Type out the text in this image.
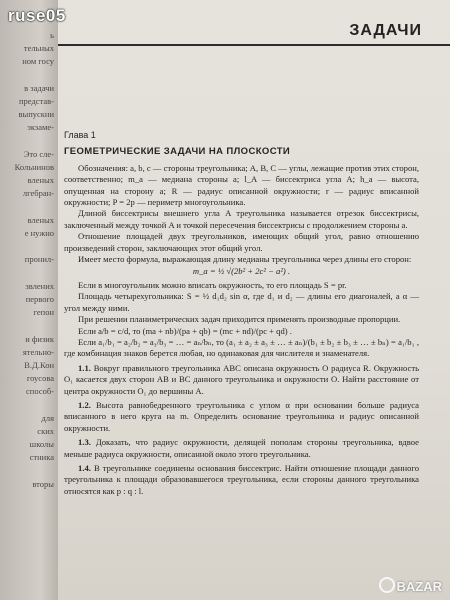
ь
тельных
ном госу
в задачи
представ-
выпускни
экзаме-
Это сле-
Кольнинов
вленых
лгебран-
вленых
е нужно
пронил-
звлених
первого
гепон
и физик
ятельно-
В.Д.Кон
гоусова
способ-
для
ских
школы
стника
вторы
ЗАДАЧИ
Глава 1
ГЕОМЕТРИЧЕСКИЕ ЗАДАЧИ НА ПЛОСКОСТИ

Обозначения: a, b, c — стороны треугольника; A, B, C — углы, лежащие против этих сторон, соответственно; m_a — медиана стороны a; l_A — биссектриса угла A; h_a — высота, опущенная на сторону a; R — радиус описанной окружности; r — радиус вписанной окружности; P = 2p — периметр многоугольника.

Длиной биссектрисы внешнего угла A треугольника называется отрезок биссектрисы, заключенный между точкой A и точкой пересечения биссектрисы с продолжением стороны a.

Отношение площадей двух треугольников, имеющих общий угол, равно отношению произведений сторон, заключающих этот общий угол.

Имеет место формула, выражающая длину медианы треугольника через длины его сторон:

m_a = ½ √(2b² + 2c² − a²) .

Если в многоугольник можно вписать окружность, то его площадь S = pr.

Площадь четырехугольника: S = ½ d₁d₂ sin α, где d₁ и d₂ — длины его диагоналей, а α — угол между ними.

При решении планиметрических задач приходится применять производные пропорции.

Если a/b = c/d, то (ma + nb)/(pa + qb) = (mc + nd)/(pc + qd) .

Если a₁/b₁ = a₂/b₂ = a₃/b₃ = … = aₙ/bₙ, то (a₁ ± a₂ ± a₃ ± … ± aₙ)/(b₁ ± b₂ ± b₃ ± … ± bₙ) = a₁/b₁ , где комбинация знаков берется любая, но одинаковая для числителя и знаменателя.

1.1. Вокруг правильного треугольника ABC описана окружность O радиуса R. Окружность O₁ касается двух сторон AB и BC данного треугольника и окружности O. Найти расстояние от центра окружности O₁ до вершины A.
1.2. Высота равнобедренного треугольника с углом α при основании больше радиуса вписанного в него круга на m. Определить основание треугольника и радиус описанной окружности.
1.3. Доказать, что радиус окружности, делящей пополам стороны треугольника, вдвое меньше радиуса окружности, описанной около этого треугольника.
1.4. В треугольнике соединены основания биссектрис. Найти отношение площади данного треугольника к площади образовавшегося треугольника, если стороны данного треугольника относятся как p : q : l.
ruse05
BAZAR
